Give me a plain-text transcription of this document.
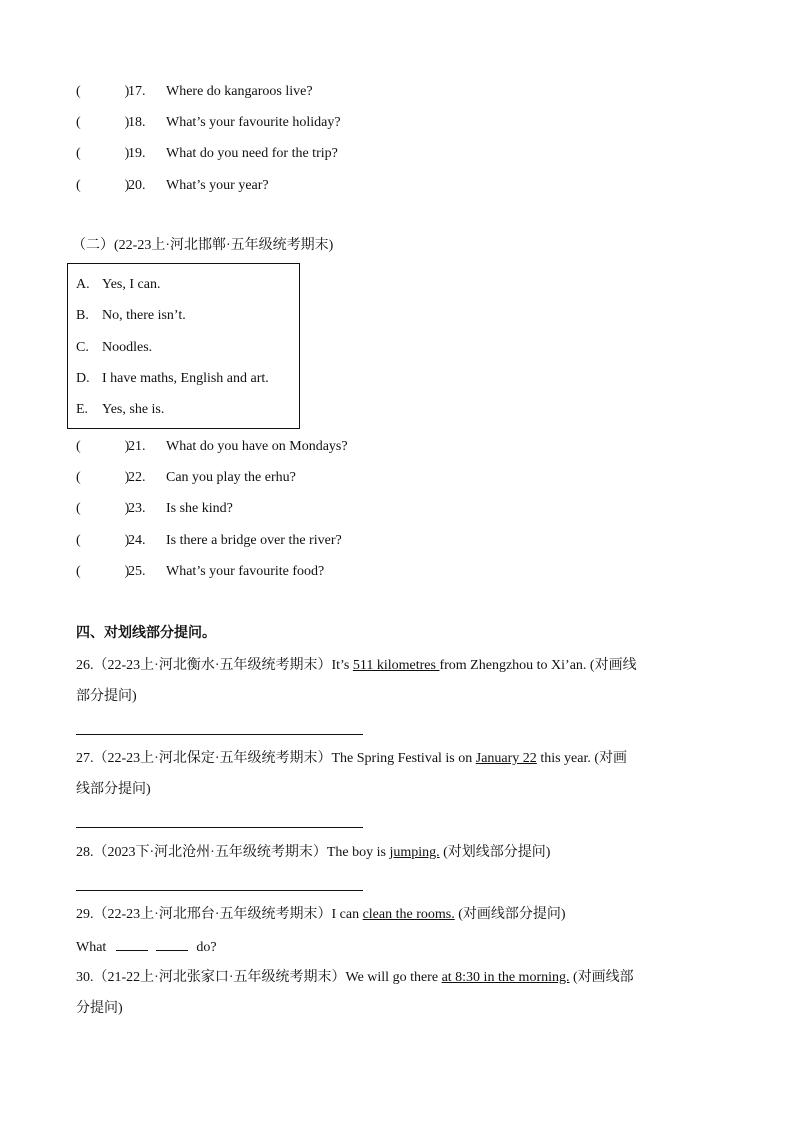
(	)17. Where do kangaroos live?
(	)18. What’s your favourite holiday?
(	)19. What do you need for the trip?
(	)20. What’s your year?
（二）(22-23上·河北邯郸·五年级统考期末)
A. Yes, I can.
B. No, there isn’t.
C. Noodles.
D. I have maths, English and art.
E. Yes, she is.
(	)21. What do you have on Mondays?
(	)22. Can you play the erhu?
(	)23. Is she kind?
(	)24. Is there a bridge over the river?
(	)25. What’s your favourite food?
四、对划线部分提问。
26.（22-23上·河北衡水·五年级统考期末）It’s 511 kilometres from Zhengzhou to Xi’an. (对画线
部分提问)
27.（22-23上·河北保定·五年级统考期末）The Spring Festival is on January 22 this year. (对画
线部分提问)
28.（2023下·河北沧州·五年级统考期末）The boy is jumping. (对划线部分提问)
29.（22-23上·河北邢台·五年级统考期末）I can clean the rooms. (对画线部分提问)
What	do?
30.（21-22上·河北张家口·五年级统考期末）We will go there at 8:30 in the morning. (对画线部
分提问)
